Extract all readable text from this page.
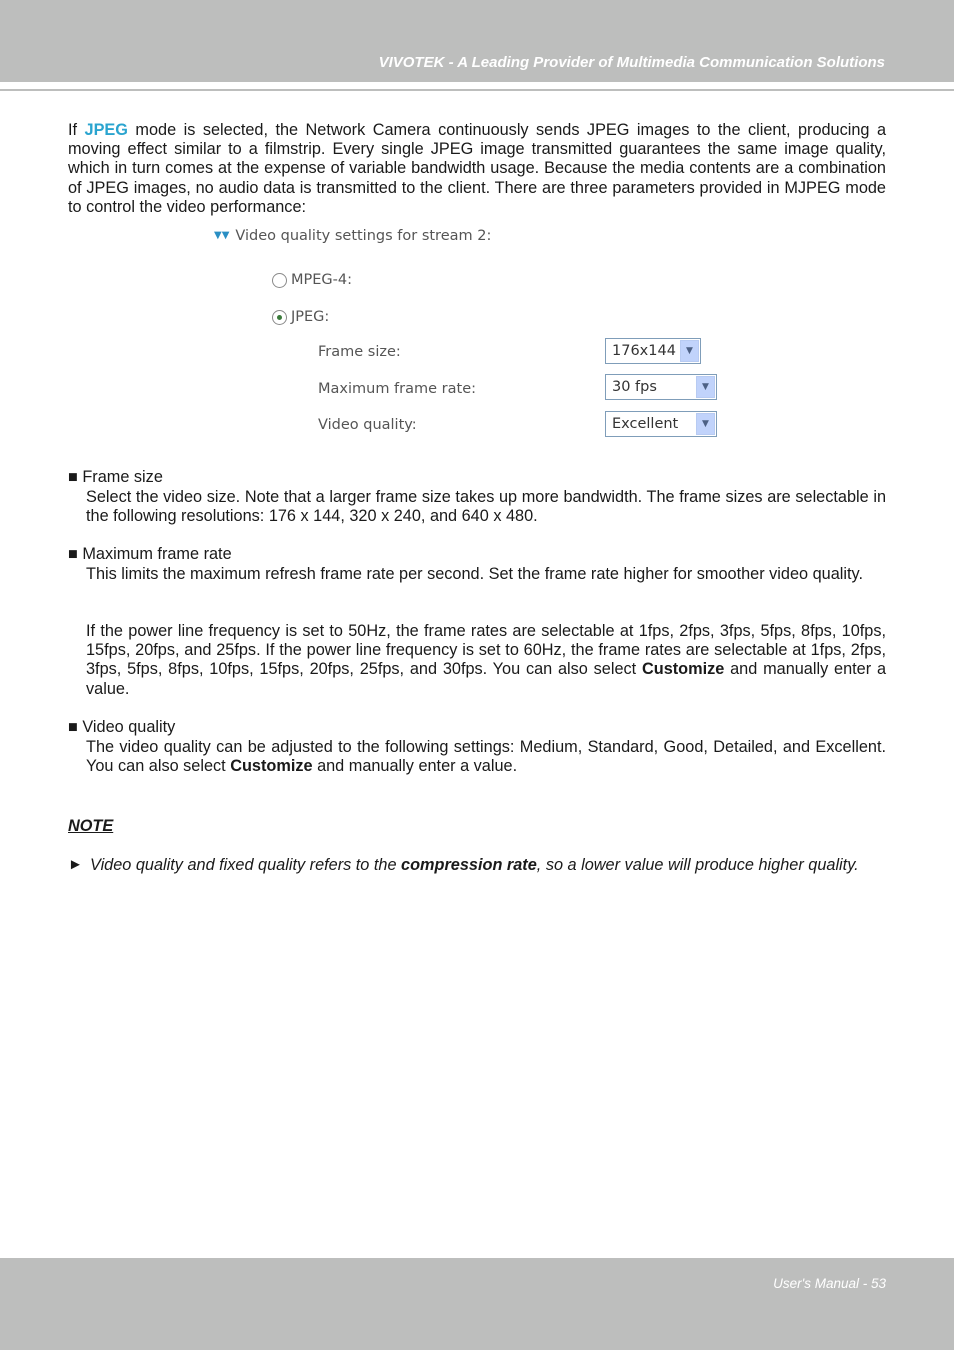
VIVOTEK - A Leading Provider of Multimedia Communication Solutions

If JPEG mode is selected, the Network Camera continuously sends JPEG images to the client, producing a moving effect similar to a filmstrip. Every single JPEG image transmitted guarantees the same image quality, which in turn comes at the expense of variable bandwidth usage. Because the media contents are a combination of JPEG images, no audio data is transmitted to the client. There are three parameters provided in MJPEG mode to control the video performance:

▼▼ Video quality settings for stream 2:
MPEG-4:
JPEG:
Frame size:	176x144	▼
Maximum frame rate:	30 fps	▼
Video quality:	Excellent	▼
■ Frame size

Select the video size. Note that a larger frame size takes up more bandwidth. The frame sizes are selectable in the following resolutions: 176 x 144, 320 x 240, and 640 x 480.

■ Maximum frame rate

This limits the maximum refresh frame rate per second. Set the frame rate higher for smoother video quality.

If the power line frequency is set to 50Hz, the frame rates are selectable at 1fps, 2fps, 3fps, 5fps, 8fps, 10fps, 15fps, 20fps, and 25fps. If the power line frequency is set to 60Hz, the frame rates are selectable at 1fps, 2fps, 3fps, 5fps, 8fps, 10fps, 15fps, 20fps, 25fps, and 30fps. You can also select Customize and manually enter a value.

■ Video quality

The video quality can be adjusted to the following settings: Medium, Standard, Good, Detailed, and Excellent. You can also select Customize and manually enter a value.

NOTE
► Video quality and fixed quality refers to the compression rate, so a lower value will produce higher quality.

User's Manual - 53
